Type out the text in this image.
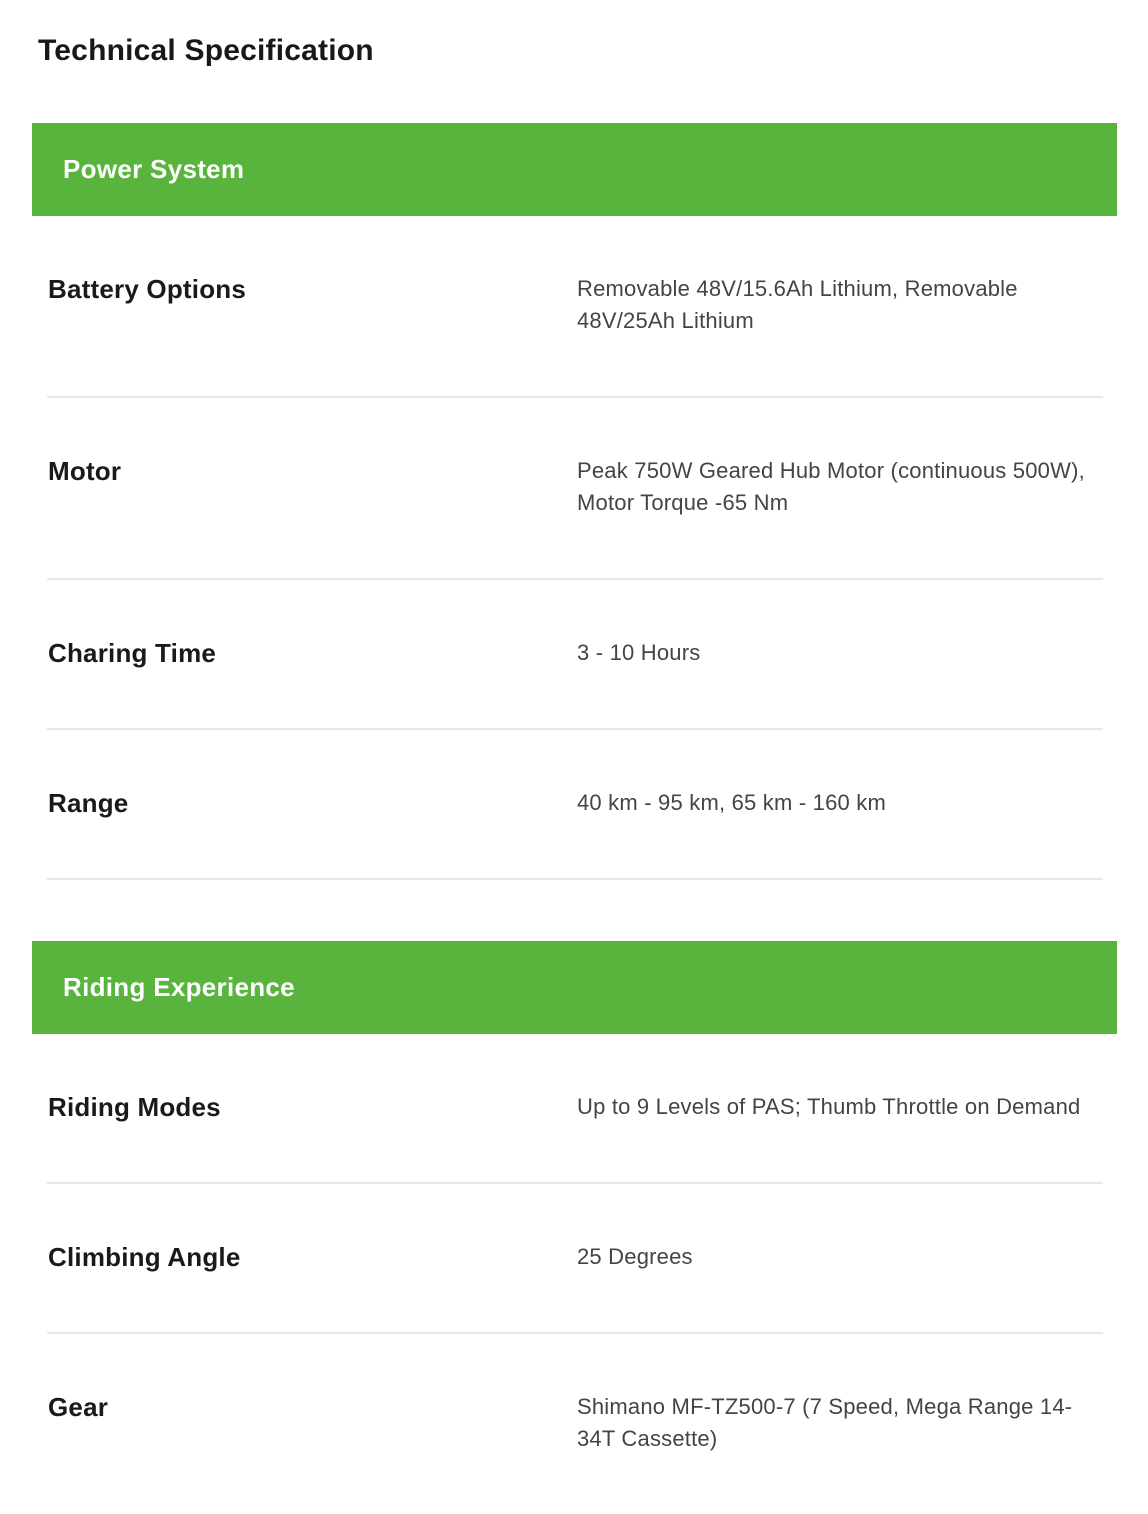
Technical Specification
Power System
Battery Options	Removable 48V/15.6Ah Lithium, Removable 48V/25Ah Lithium
Motor	Peak 750W Geared Hub Motor (continuous 500W), Motor Torque -65 Nm
Charing Time	3 - 10 Hours
Range	40 km - 95 km, 65 km - 160 km
Riding Experience
Riding Modes	Up to 9 Levels of PAS; Thumb Throttle on Demand
Climbing Angle	25 Degrees
Gear	Shimano MF-TZ500-7 (7 Speed, Mega Range 14-34T Cassette)
